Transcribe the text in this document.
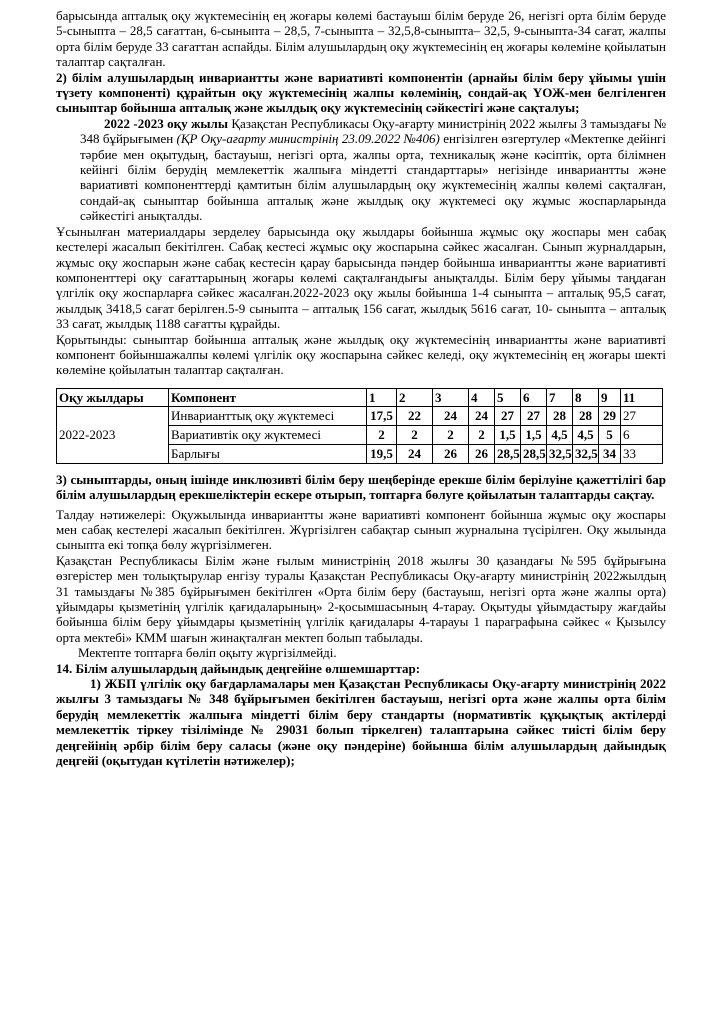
барысында апталық оқу жүктемесінің ең жоғары көлемі бастауыш білім беруде 26, негізгі орта білім беруде 5-сыныпта – 28,5 сағаттан, 6-сыныпта – 28,5, 7-сыныпта – 32,5,8-сыныпта– 32,5, 9-сыныпта-34 сағат, жалпы орта білім беруде 33 сағаттан аспайды. Білім алушылардың оқу жүктемесінің ең жоғары көлеміне қойылатын талаптар сақталған.

2) білім алушылардың инвариантты және вариативті компонентін (арнайы білім беру ұйымы үшін түзету компоненті) құрайтын оқу жүктемесінің жалпы көлемінің, сондай-ақ ҮОЖ-мен белгіленген сыныптар бойынша апталық және жылдық оқу жүктемесінің сәйкестігі және сақталуы;

2022 -2023 оқу жылы Қазақстан Республикасы Оқу-ағарту министрінің 2022 жылғы 3 тамыздағы № 348 бұйрығымен (ҚР Оқу-ағарту министрінің 23.09.2022 №406) енгізілген өзгертулер «Мектепке дейінгі тәрбие мен оқытудың, бастауыш, негізгі орта, жалпы орта, техникалық және кәсіптік, орта білімнен кейінгі білім берудің мемлекеттік жалпыға міндетті стандарттары» негізінде инвариантты және вариативті компоненттерді қамтитын білім алушылардың оқу жүктемесінің жалпы көлемі сақталған, сондай-ақ сыныптар бойынша апталық және жылдық оқу жүктемесі оқу жұмыс жоспарларында сәйкестігі анықталды.

Ұсынылған материалдары зерделеу барысында оқу жылдары бойынша жұмыс оқу жоспары мен сабақ кестелері жасалып бекітілген. Сабақ кестесі жұмыс оқу жоспарына сәйкес жасалған. Сынып журналдарын, жұмыс оқу жоспарын және сабақ кестесін қарау барысында пәндер бойынша инвариантты және вариативті компоненттері оқу сағаттарының жоғары көлемі сақталғандығы анықталды. Білім беру ұйымы таңдаған үлгілік оқу жоспарларға сәйкес жасалған.2022-2023 оқу жылы бойынша 1-4 сыныпта – апталық 95,5 сағат, жылдық 3418,5 сағат берілген.5-9 сыныпта – апталық 156 сағат, жылдық 5616 сағат, 10- сыныпта – апталық 33 сағат, жылдық 1188 сағатты құрайды.

Қорытынды: сыныптар бойынша апталық және жылдық оқу жүктемесінің инвариантты және вариативті компонент бойыншажалпы көлемі үлгілік оқу жоспарына сәйкес келеді, оқу жүктемесінің ең жоғары шекті көлеміне қойылатын талаптар сақталған.

Оқу жылдары	Компонент	1	2	3	4	5	6	7	8	9	11
2022-2023	Инварианттық оқу жүктемесі	17,5	22	24	24	27	27	28	28	29	27
	Вариативтік оқу жүктемесі	2	2	2	2	1,5	1,5	4,5	4,5	5	6
	Барлығы	19,5	24	26	26	28,5	28,5	32,5	32,5	34	33

3) сыныптарды, оның ішінде инклюзивті білім беру шеңберінде ерекше білім берілуіне қажеттілігі бар білім алушылардың ерекшеліктерін ескере отырып, топтарға бөлуге қойылатын талаптарды сақтау.

Талдау нәтижелері: Оқужылында инвариантты және вариативті компонент бойынша жұмыс оқу жоспары мен сабақ кестелері жасалып бекітілген. Жүргізілген сабақтар сынып журналына түсірілген. Оқу жылында сыныпта екі топқа бөлу жүргізілмеген.

Қазақстан Республикасы Білім және ғылым министрінің 2018 жылғы 30 қазандағы №595 бұйрығына өзгерістер мен толықтырулар енгізу туралы Қазақстан Республикасы Оқу-ағарту министрінің 2022жылдың 31 тамыздағы №385 бұйрығымен бекітілген «Орта білім беру (бастауыш, негізгі орта және жалпы орта) ұйымдары қызметінің үлгілік қағидаларының» 2-қосымшасының 4-тарау. Оқытуды ұйымдастыру жағдайы бойынша білім беру ұйымдары қызметінің үлгілік қағидалары 4-тарауы 1 параграфына сәйкес « Қызылсу орта мектебі» КММ шағын жинақталған мектеп болып табылады.

Мектепте топтарға бөліп оқыту жүргізілмейді.

14. Білім алушылардың дайындық деңгейіне өлшемшарттар:

1) ЖБП үлгілік оқу бағдарламалары мен Қазақстан Республикасы Оқу-ағарту министрінің 2022 жылғы 3 тамыздағы № 348 бұйрығымен бекітілген бастауыш, негізгі орта және жалпы орта білім берудің мемлекеттік жалпыға міндетті білім беру стандарты (нормативтік құқықтық актілерді мемлекеттік тіркеу тізілімінде № 29031 болып тіркелген) талаптарына сәйкес тиісті білім беру деңгейінің әрбір білім беру саласы (және оқу пәндеріне) бойынша білім алушылардың дайындық деңгейі (оқытудан күтілетін нәтижелер);
